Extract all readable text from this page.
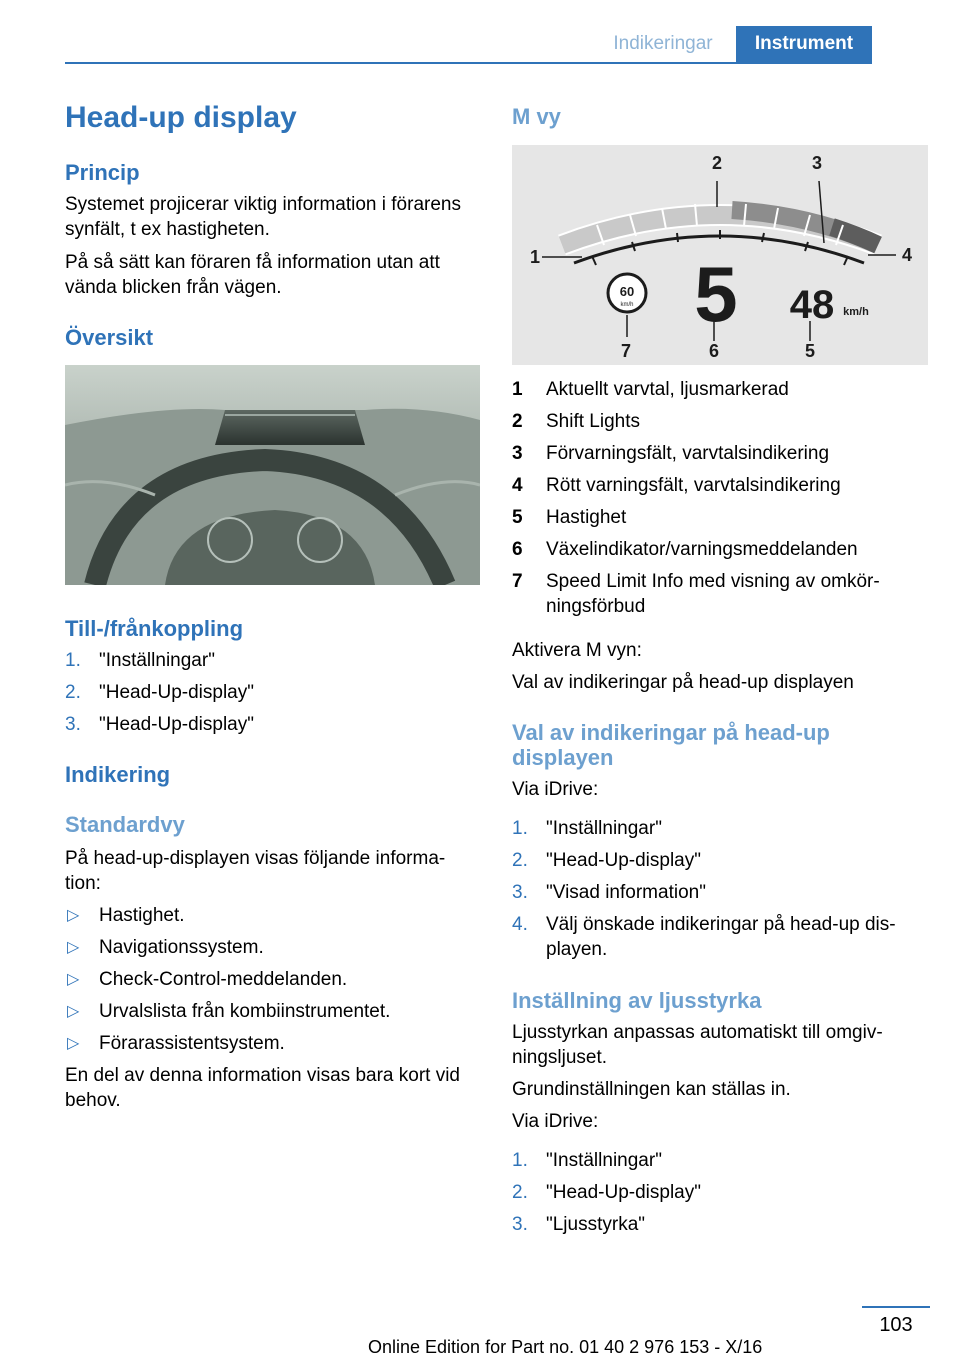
Indikeringar	Instrument
Head-up display
Princip
Systemet projicerar viktig information i förarens synfält, t ex hastigheten.
På så sätt kan föraren få information utan att vända blicken från vägen.
Översikt
Till-/frånkoppling
1. "Inställningar"
2. "Head-Up-display"
3. "Head-Up-display"
Indikering
Standardvy
På head-up-displayen visas följande information:
▷ Hastighet.
▷ Navigationssystem.
▷ Check-Control-meddelanden.
▷ Urvalslista från kombiinstrumentet.
▷ Förarassistentsystem.
En del av denna information visas bara kort vid behov.
M vy
60
km/h 5 48 km/h
1
2	3
4
5
6
7
1 Aktuellt varvtal, ljusmarkerad
2 Shift Lights
3 Förvarningsfält, varvtalsindikering
4 Rött varningsfält, varvtalsindikering
5 Hastighet
6 Växelindikator/varningsmeddelanden
7 Speed Limit Info med visning av omkörningsförbud
Aktivera M vyn:
Val av indikeringar på head-up displayen
Val av indikeringar på head-up displayen
Via iDrive:
1. "Inställningar"
2. "Head-Up-display"
3. "Visad information"
4. Välj önskade indikeringar på head-up displayen.
Inställning av ljusstyrka
Ljusstyrkan anpassas automatiskt till omgivningsljuset.
Grundinställningen kan ställas in.
Via iDrive:
1. "Inställningar"
2. "Head-Up-display"
3. "Ljusstyrka"
103
Online Edition for Part no. 01 40 2 976 153 - X/16
